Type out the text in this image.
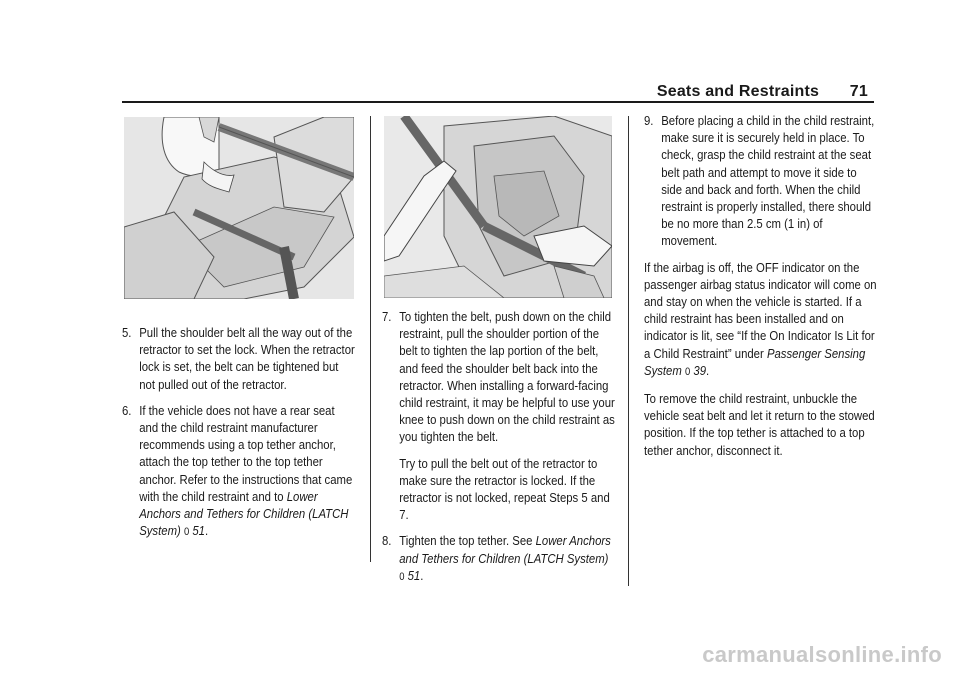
Seats and Restraints 71

5. Pull the shoulder belt all the way out of the retractor to set the lock. When the retractor lock is set, the belt can be tightened but not pulled out of the retractor.

6. If the vehicle does not have a rear seat and the child restraint manufacturer recommends using a top tether anchor, attach the top tether to the top tether anchor. Refer to the instructions that came with the child restraint and to Lower Anchors and Tethers for Children (LATCH System) 0 51.

7. To tighten the belt, push down on the child restraint, pull the shoulder portion of the belt to tighten the lap portion of the belt, and feed the shoulder belt back into the retractor. When installing a forward-facing child restraint, it may be helpful to use your knee to push down on the child restraint as you tighten the belt.

Try to pull the belt out of the retractor to make sure the retractor is locked. If the retractor is not locked, repeat Steps 5 and 7.

8. Tighten the top tether. See Lower Anchors and Tethers for Children (LATCH System) 0 51.

9. Before placing a child in the child restraint, make sure it is securely held in place. To check, grasp the child restraint at the seat belt path and attempt to move it side to side and back and forth. When the child restraint is properly installed, there should be no more than 2.5 cm (1 in) of movement.

If the airbag is off, the OFF indicator on the passenger airbag status indicator will come on and stay on when the vehicle is started. If a child restraint has been installed and on indicator is lit, see “If the On Indicator Is Lit for a Child Restraint” under Passenger Sensing System 0 39.

To remove the child restraint, unbuckle the vehicle seat belt and let it return to the stowed position. If the top tether is attached to a top tether anchor, disconnect it.

carmanualsonline.info
